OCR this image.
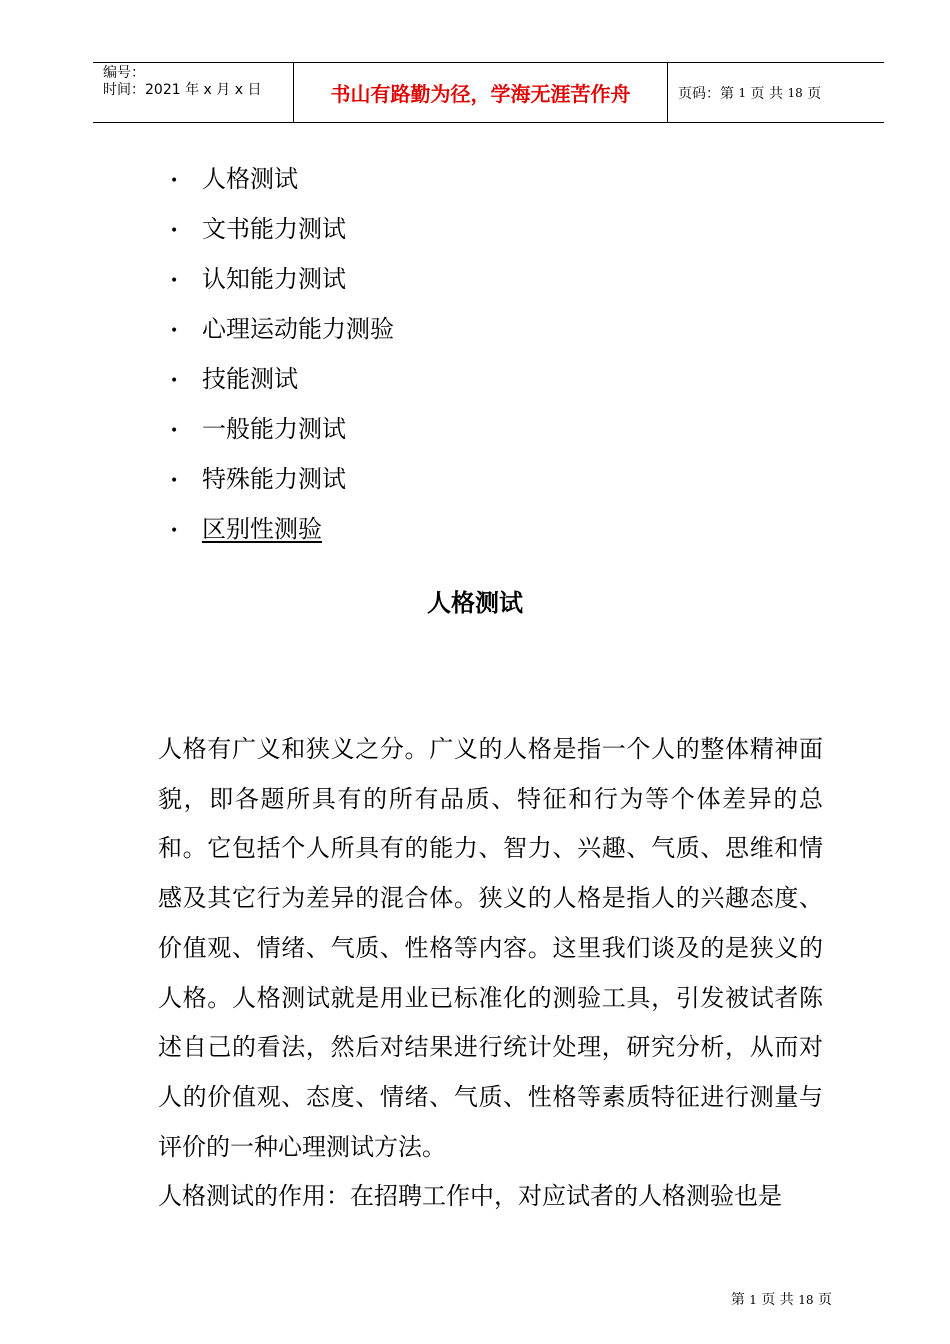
编号：
时间：2021 年 x 月 x 日	书山有路勤为径，学海无涯苦作舟	页码：第
1
页 共
18
页
• 人格测试
• 文书能力测试
• 认知能力测试
• 心理运动能力测验
• 技能测试
• 一般能力测试
• 特殊能力测试
• 区别性测验
人格测试

人格有广义和狭义之分。广义的人格是指一个人的整体精神面貌，即各题所具有的所有品质、特征和行为等个体差异的总和。它包括个人所具有的能力、智力、兴趣、气质、思维和情感及其它行为差异的混合体。狭义的人格是指人的兴趣态度、价值观、情绪、气质、性格等内容。这里我们谈及的是狭义的人格。人格测试就是用业已标准化的测验工具，引发被试者陈述自己的看法，然后对结果进行统计处理，研究分析，从而对人的价值观、态度、情绪、气质、性格等素质特征进行测量与评价的一种心理测试方法。

人格测试的作用：在招聘工作中，对应试者的人格测验也是

第 1 页 共 18 页
